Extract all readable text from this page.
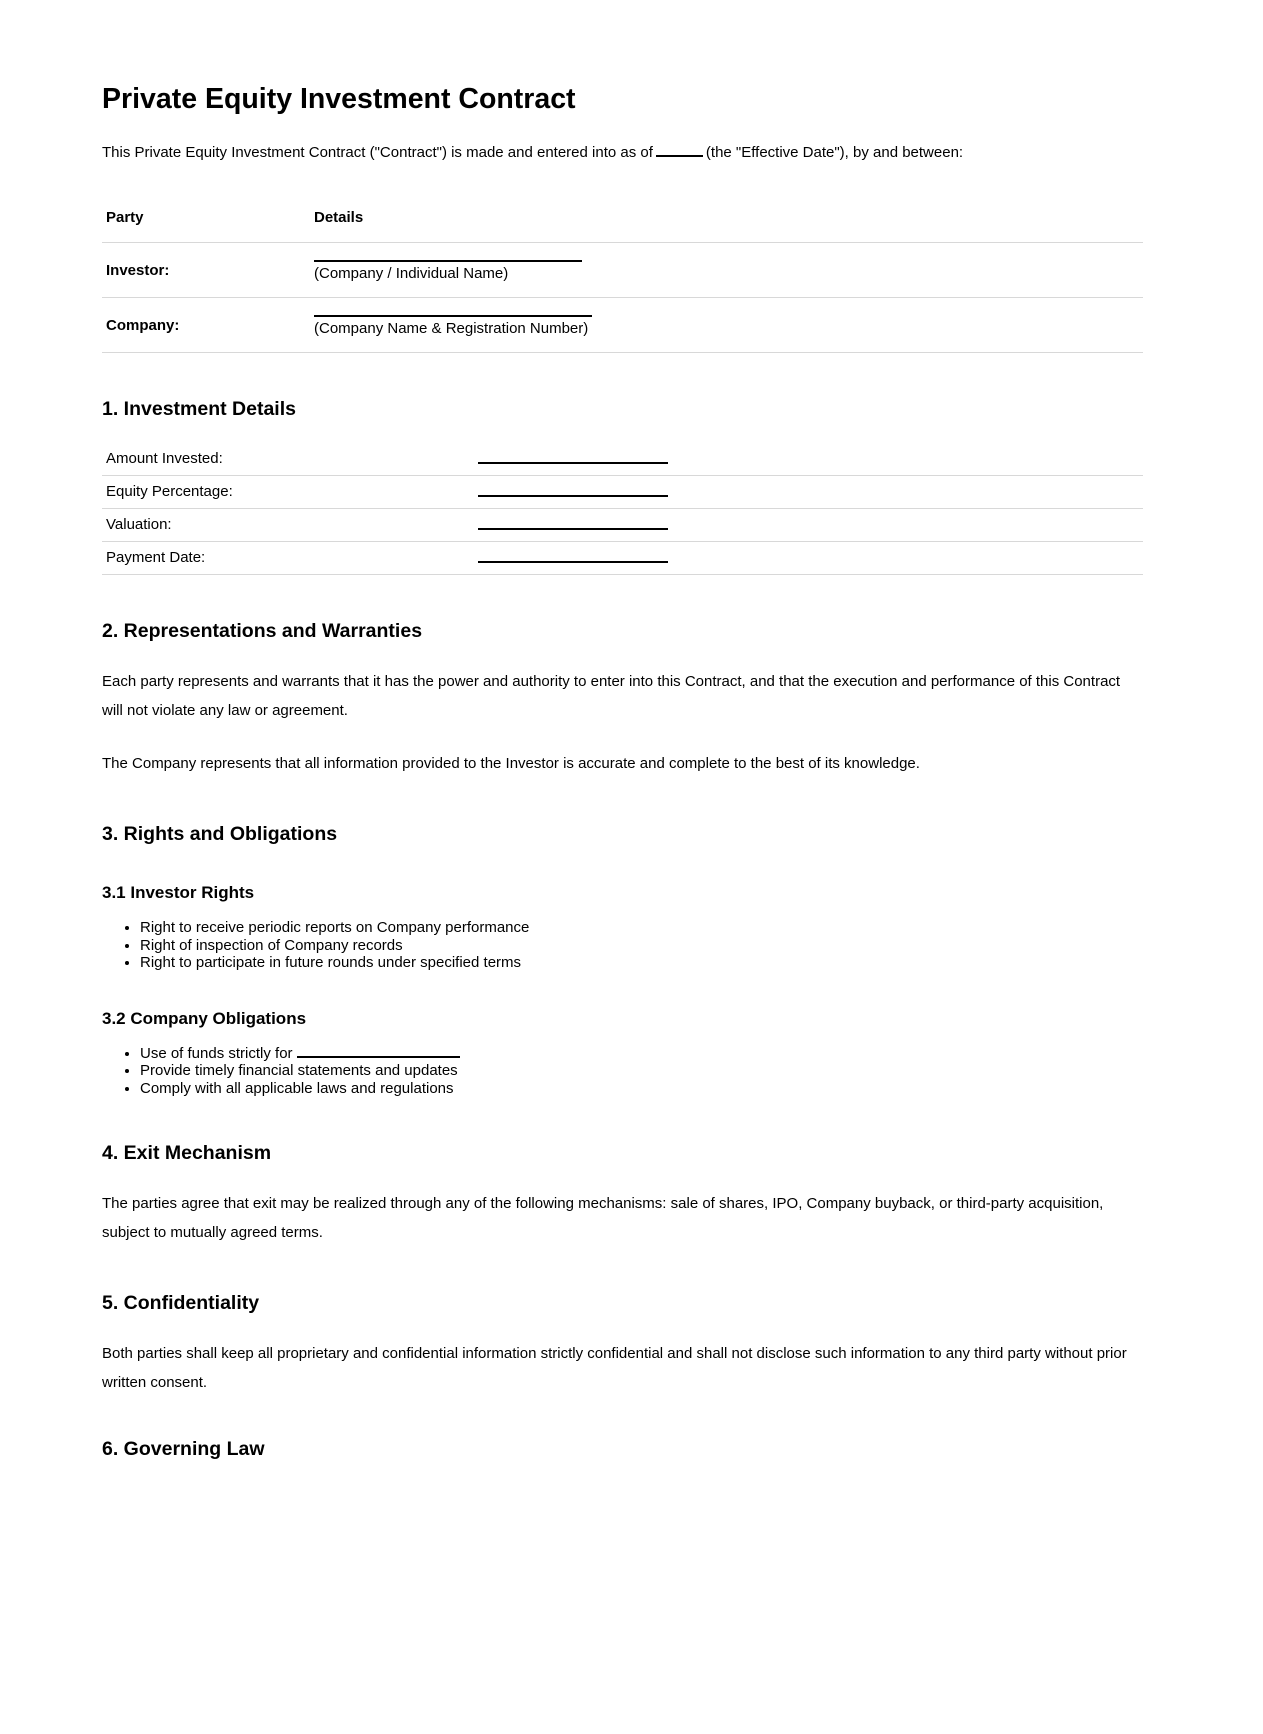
Private Equity Investment Contract

This Private Equity Investment Contract ("Contract") is made and entered into as of	(the "Effective Date"), by and between:

Party	Details
Investor:	(Company / Individual Name)

Company:	(Company Name & Registration Number)
1. Investment Details
Amount Invested:	

Equity Percentage:	

Valuation:	

Payment Date:	
2. Representations and Warranties

Each party represents and warrants that it has the power and authority to enter into this Contract, and that the execution and performance of this Contract will not violate any law or agreement.

The Company represents that all information provided to the Investor is accurate and complete to the best of its knowledge.

3. Rights and Obligations
3.1 Investor Rights
• Right to receive periodic reports on Company performance
• Right of inspection of Company records
• Right to participate in future rounds under specified terms
3.2 Company Obligations
• Use of funds strictly for
• Provide timely financial statements and updates
• Comply with all applicable laws and regulations
4. Exit Mechanism

The parties agree that exit may be realized through any of the following mechanisms: sale of shares, IPO, Company buyback, or third-party acquisition, subject to mutually agreed terms.

5. Confidentiality

Both parties shall keep all proprietary and confidential information strictly confidential and shall not disclose such information to any third party without prior written consent.

6. Governing Law
